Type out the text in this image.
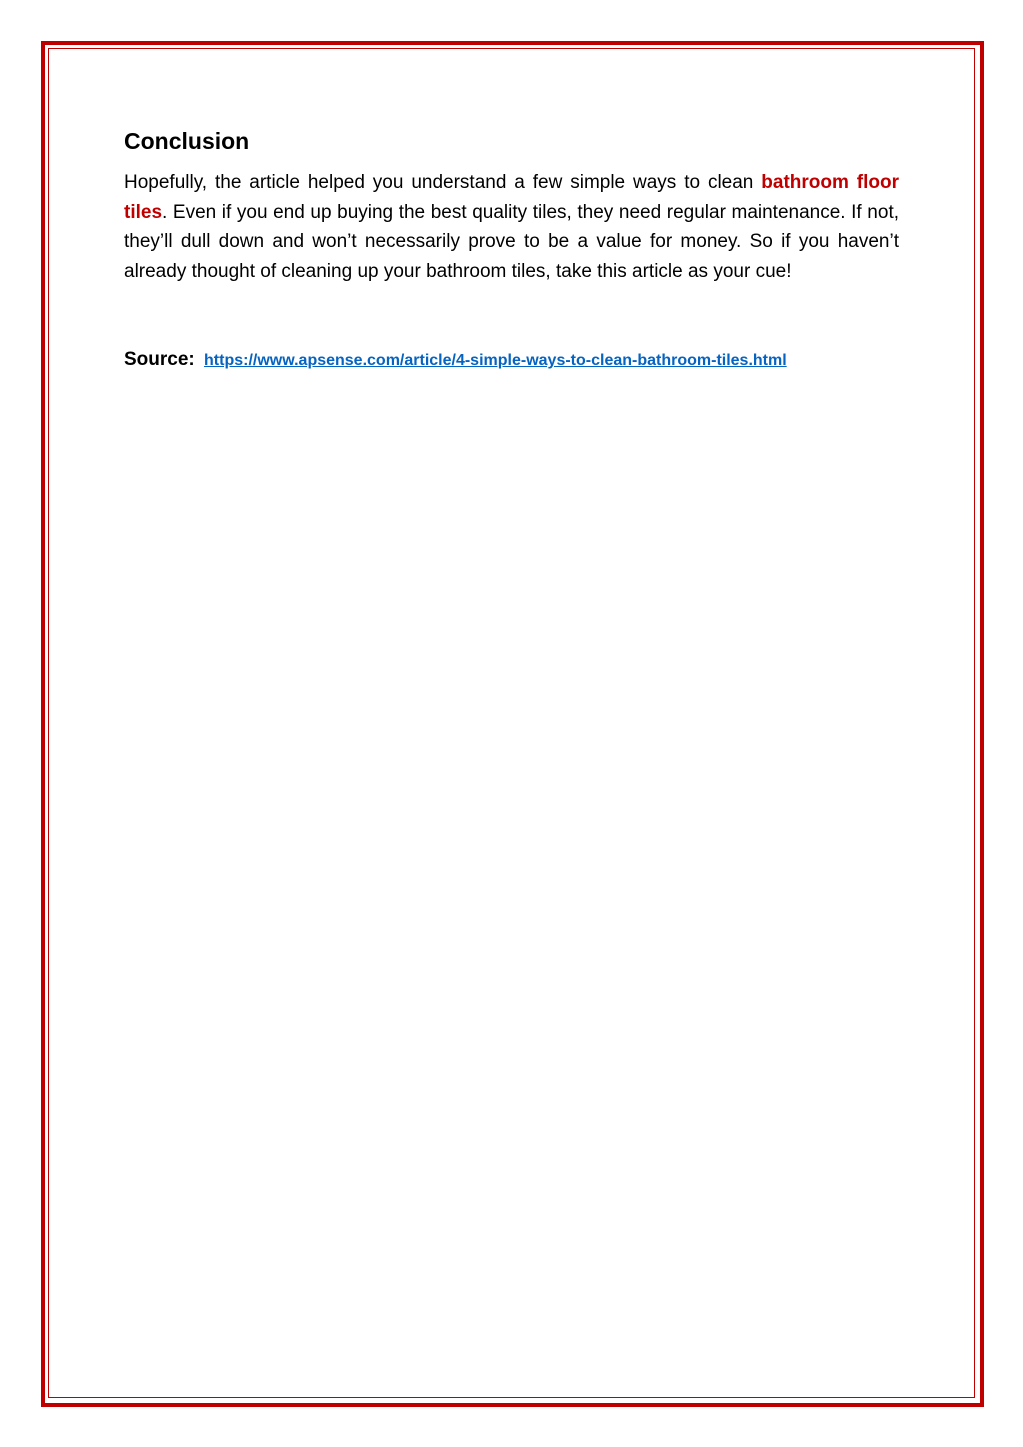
Conclusion

Hopefully, the article helped you understand a few simple ways to clean bathroom floor tiles. Even if you end up buying the best quality tiles, they need regular maintenance. If not, they’ll dull down and won’t necessarily prove to be a value for money. So if you haven’t already thought of cleaning up your bathroom tiles, take this article as your cue!

Source: https://www.apsense.com/article/4-simple-ways-to-clean-bathroom-tiles.html
